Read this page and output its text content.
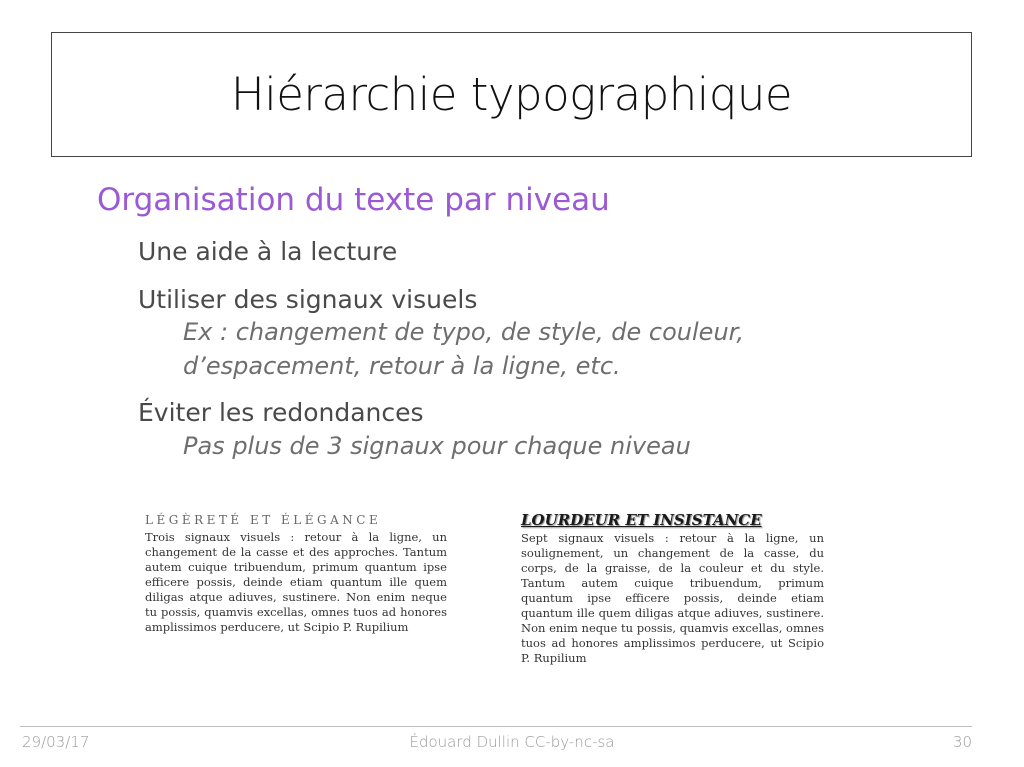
Hiérarchie typographique

Organisation du texte par niveau

Une aide à la lecture

Utiliser des signaux visuels

Ex : changement de typo, de style, de couleur,

d’espacement, retour à la ligne, etc.

Éviter les redondances

Pas plus de 3 signaux pour chaque niveau

LÉGÈRETÉ ET ÉLÉGANCE

Trois signaux visuels : retour à la ligne, un changement de la casse et des approches. Tantum autem cuique tribuendum, primum quantum ipse efficere possis, deinde etiam quantum ille quem diligas atque adiuves, sustinere. Non enim neque tu possis, quamvis excellas, omnes tuos ad honores amplissimos perducere, ut Scipio P. Rupilium

LOURDEUR ET INSISTANCE

Sept signaux visuels : retour à la ligne, un soulignement, un changement de la casse, du corps, de la graisse, de la couleur et du style. Tantum autem cuique tribuendum, primum quantum ipse efficere possis, deinde etiam quantum ille quem diligas atque adiuves, sustinere. Non enim neque tu possis, quamvis excellas, omnes tuos ad honores amplissimos perducere, ut Scipio P. Rupilium

29/03/17	Édouard Dullin CC-by-nc-sa	30
